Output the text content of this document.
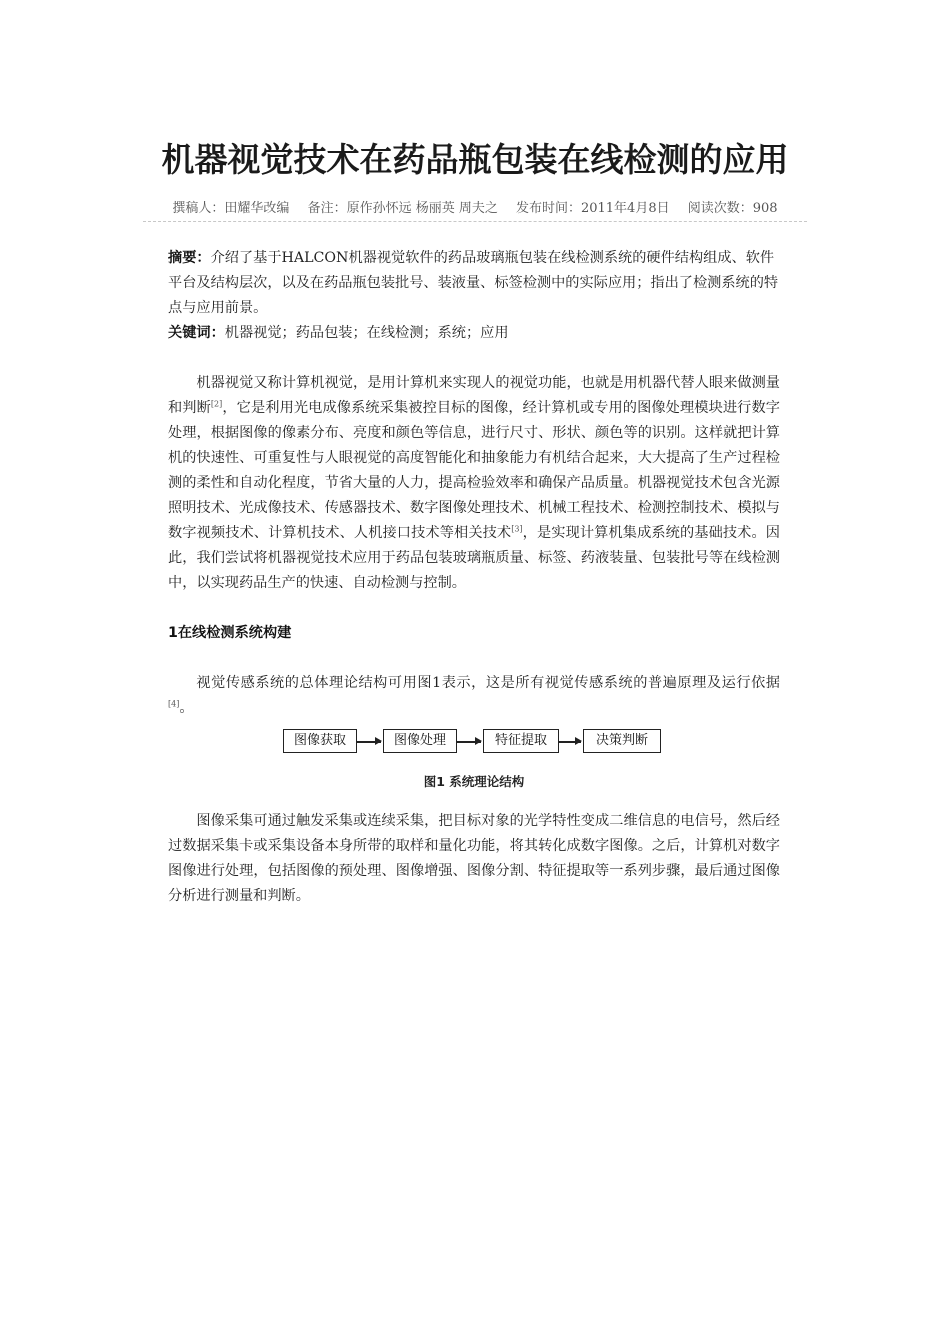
机器视觉技术在药品瓶包装在线检测的应用
撰稿人：田耀华改编 备注：原作孙怀远 杨丽英 周夫之 发布时间：2011年4月8日 阅读次数：908

摘要：介绍了基于HALCON机器视觉软件的药品玻璃瓶包装在线检测系统的硬件结构组成、软件平台及结构层次，以及在药品瓶包装批号、装液量、标签检测中的实际应用；指出了检测系统的特点与应用前景。

关键词：机器视觉；药品包装；在线检测；系统；应用

机器视觉又称计算机视觉，是用计算机来实现人的视觉功能，也就是用机器代替人眼来做测量和判断[2]，它是利用光电成像系统采集被控目标的图像，经计算机或专用的图像处理模块进行数字处理，根据图像的像素分布、亮度和颜色等信息，进行尺寸、形状、颜色等的识别。这样就把计算机的快速性、可重复性与人眼视觉的高度智能化和抽象能力有机结合起来，大大提高了生产过程检测的柔性和自动化程度，节省大量的人力，提高检验效率和确保产品质量。机器视觉技术包含光源照明技术、光成像技术、传感器技术、数字图像处理技术、机械工程技术、检测控制技术、模拟与数字视频技术、计算机技术、人机接口技术等相关技术[3]，是实现计算机集成系统的基础技术。因此，我们尝试将机器视觉技术应用于药品包装玻璃瓶质量、标签、药液装量、包装批号等在线检测中，以实现药品生产的快速、自动检测与控制。

1在线检测系统构建

视觉传感系统的总体理论结构可用图1表示，这是所有视觉传感系统的普遍原理及运行依据[4]。

图像获取	图像处理	特征提取	决策判断
图1 系统理论结构

图像采集可通过触发采集或连续采集，把目标对象的光学特性变成二维信息的电信号，然后经过数据采集卡或采集设备本身所带的取样和量化功能，将其转化成数字图像。之后，计算机对数字图像进行处理，包括图像的预处理、图像增强、图像分割、特征提取等一系列步骤，最后通过图像分析进行测量和判断。
